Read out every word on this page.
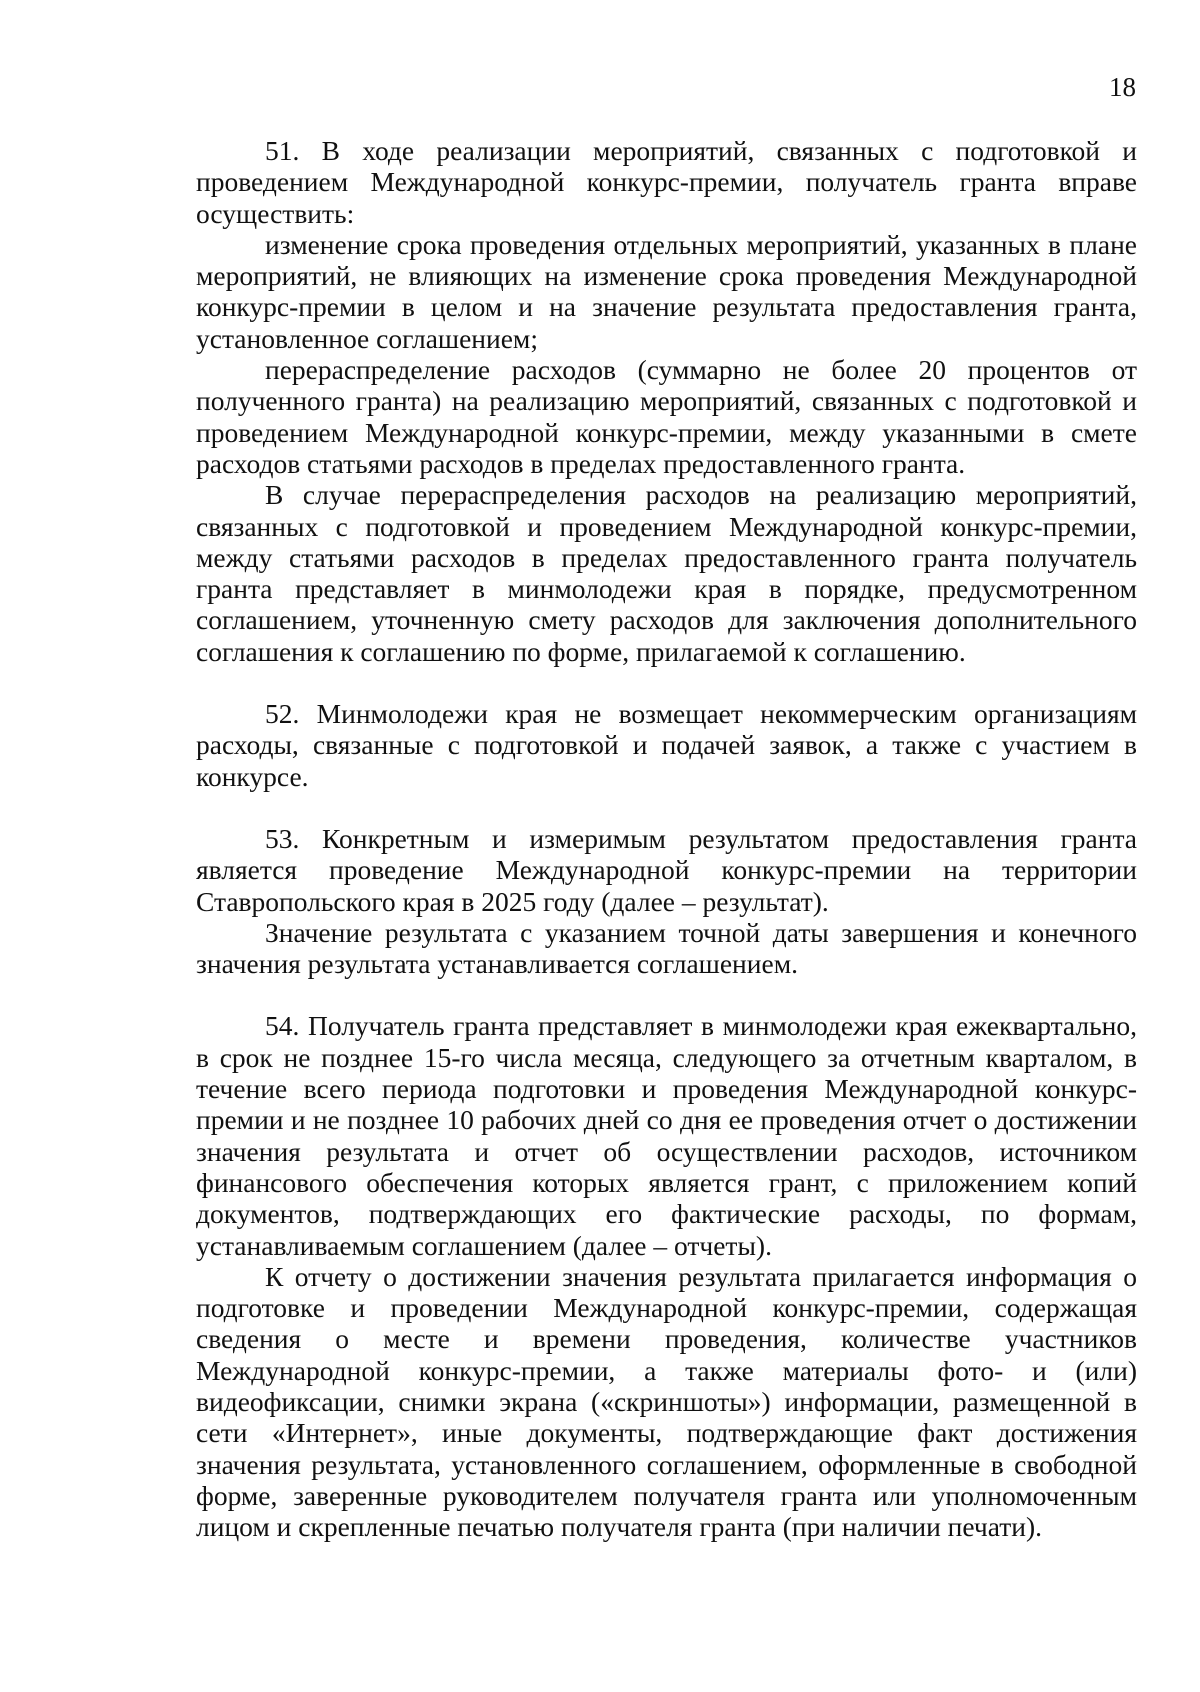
18

51. В ходе реализации мероприятий, связанных с подготовкой и проведением Международной конкурс-премии, получатель гранта вправе осуществить:

изменение срока проведения отдельных мероприятий, указанных в плане мероприятий, не влияющих на изменение срока проведения Международной конкурс-премии в целом и на значение результата предоставления гранта, установленное соглашением;

перераспределение расходов (суммарно не более 20 процентов от полученного гранта) на реализацию мероприятий, связанных с подготовкой и проведением Международной конкурс-премии, между указанными в смете расходов статьями расходов в пределах предоставленного гранта.

В случае перераспределения расходов на реализацию мероприятий, связанных с подготовкой и проведением Международной конкурс-премии, между статьями расходов в пределах предоставленного гранта получатель гранта представляет в минмолодежи края в порядке, предусмотренном соглашением, уточненную смету расходов для заключения дополнительного соглашения к соглашению по форме, прилагаемой к соглашению.

52. Минмолодежи края не возмещает некоммерческим организациям расходы, связанные с подготовкой и подачей заявок, а также с участием в конкурсе.

53. Конкретным и измеримым результатом предоставления гранта является проведение Международной конкурс-премии на территории Ставропольского края в 2025 году (далее – результат).

Значение результата с указанием точной даты завершения и конечного значения результата устанавливается соглашением.

54. Получатель гранта представляет в минмолодежи края ежеквартально, в срок не позднее 15-го числа месяца, следующего за отчетным кварталом, в течение всего периода подготовки и проведения Международной конкурс-премии и не позднее 10 рабочих дней со дня ее проведения отчет о достижении значения результата и отчет об осуществлении расходов, источником финансового обеспечения которых является грант, с приложением копий документов, подтверждающих его фактические расходы, по формам, устанавливаемым соглашением (далее – отчеты).

К отчету о достижении значения результата прилагается информация о подготовке и проведении Международной конкурс-премии, содержащая сведения о месте и времени проведения, количестве участников Международной конкурс-премии, а также материалы фото- и (или) видеофиксации, снимки экрана («скриншоты») информации, размещенной в сети «Интернет», иные документы, подтверждающие факт достижения значения результата, установленного соглашением, оформленные в свободной форме, заверенные руководителем получателя гранта или уполномоченным лицом и скрепленные печатью получателя гранта (при наличии печати).
